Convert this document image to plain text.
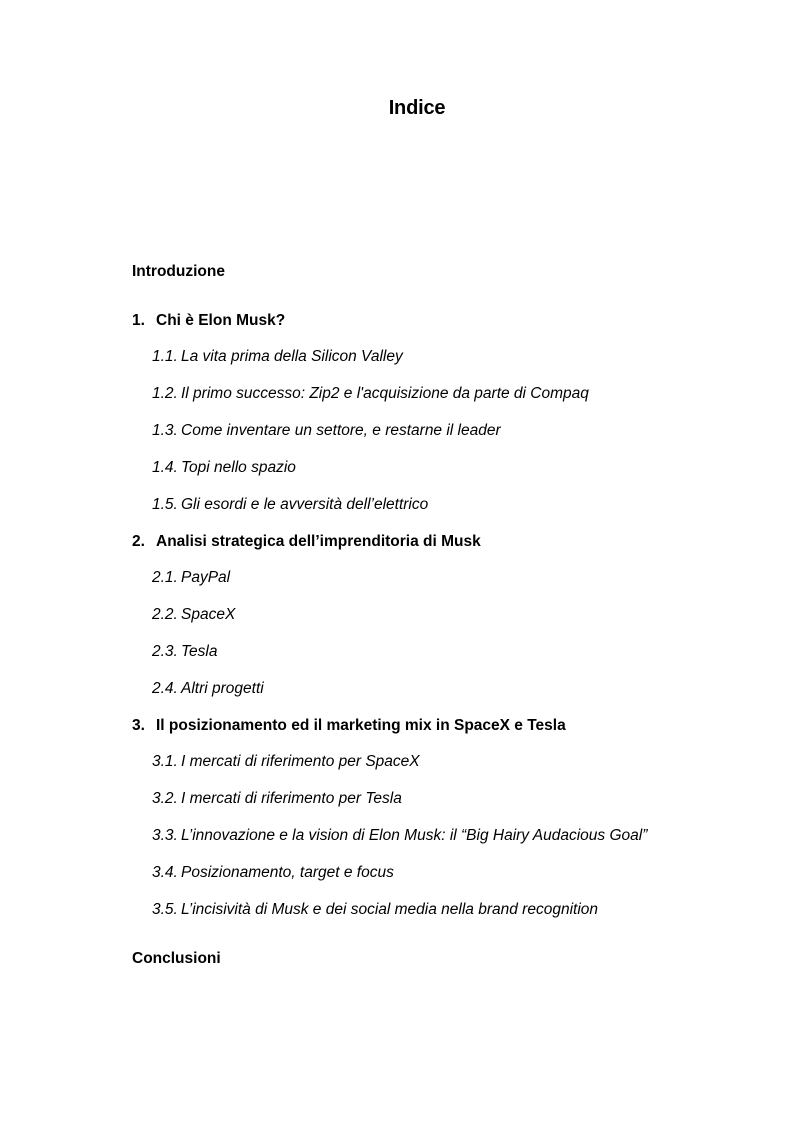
Indice
Introduzione
1. Chi è Elon Musk?
1.1. La vita prima della Silicon Valley
1.2. Il primo successo: Zip2 e l'acquisizione da parte di Compaq
1.3. Come inventare un settore, e restarne il leader
1.4. Topi nello spazio
1.5. Gli esordi e le avversità dell’elettrico
2. Analisi strategica dell’imprenditoria di Musk
2.1. PayPal
2.2. SpaceX
2.3. Tesla
2.4. Altri progetti
3. Il posizionamento ed il marketing mix in SpaceX e Tesla
3.1. I mercati di riferimento per SpaceX
3.2. I mercati di riferimento per Tesla
3.3. L’innovazione e la vision di Elon Musk: il “Big Hairy Audacious Goal”
3.4. Posizionamento, target e focus
3.5. L’incisività di Musk e dei social media nella brand recognition
Conclusioni
